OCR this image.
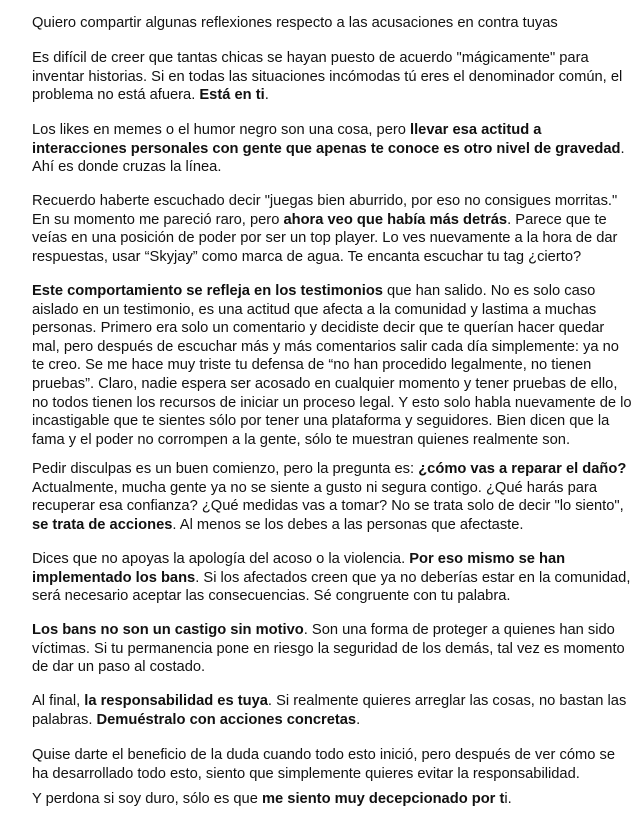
Quiero compartir algunas reflexiones respecto a las acusaciones en contra tuyas

Es difícil de creer que tantas chicas se hayan puesto de acuerdo "mágicamente" para
inventar historias. Si en todas las situaciones incómodas tú eres el denominador común, el
problema no está afuera. Está en ti.

Los likes en memes o el humor negro son una cosa, pero llevar esa actitud a
interacciones personales con gente que apenas te conoce es otro nivel de gravedad.
Ahí es donde cruzas la línea.

Recuerdo haberte escuchado decir "juegas bien aburrido, por eso no consigues morritas."
En su momento me pareció raro, pero ahora veo que había más detrás. Parece que te
veías en una posición de poder por ser un top player. Lo ves nuevamente a la hora de dar
respuestas, usar “Skyjay” como marca de agua. Te encanta escuchar tu tag ¿cierto?

Este comportamiento se refleja en los testimonios que han salido. No es solo caso
aislado en un testimonio, es una actitud que afecta a la comunidad y lastima a muchas
personas. Primero era solo un comentario y decidiste decir que te querían hacer quedar
mal, pero después de escuchar más y más comentarios salir cada día simplemente: ya no
te creo. Se me hace muy triste tu defensa de “no han procedido legalmente, no tienen
pruebas”. Claro, nadie espera ser acosado en cualquier momento y tener pruebas de ello,
no todos tienen los recursos de iniciar un proceso legal. Y esto solo habla nuevamente de lo
incastigable que te sientes sólo por tener una plataforma y seguidores. Bien dicen que la
fama y el poder no corrompen a la gente, sólo te muestran quienes realmente son.

Pedir disculpas es un buen comienzo, pero la pregunta es: ¿cómo vas a reparar el daño?
Actualmente, mucha gente ya no se siente a gusto ni segura contigo. ¿Qué harás para
recuperar esa confianza? ¿Qué medidas vas a tomar? No se trata solo de decir "lo siento",
se trata de acciones. Al menos se los debes a las personas que afectaste.

Dices que no apoyas la apología del acoso o la violencia. Por eso mismo se han
implementado los bans. Si los afectados creen que ya no deberías estar en la comunidad,
será necesario aceptar las consecuencias. Sé congruente con tu palabra.

Los bans no son un castigo sin motivo. Son una forma de proteger a quienes han sido
víctimas. Si tu permanencia pone en riesgo la seguridad de los demás, tal vez es momento
de dar un paso al costado.

Al final, la responsabilidad es tuya. Si realmente quieres arreglar las cosas, no bastan las
palabras. Demuéstralo con acciones concretas.

Quise darte el beneficio de la duda cuando todo esto inició, pero después de ver cómo se
ha desarrollado todo esto, siento que simplemente quieres evitar la responsabilidad.

Y perdona si soy duro, sólo es que me siento muy decepcionado por ti.
